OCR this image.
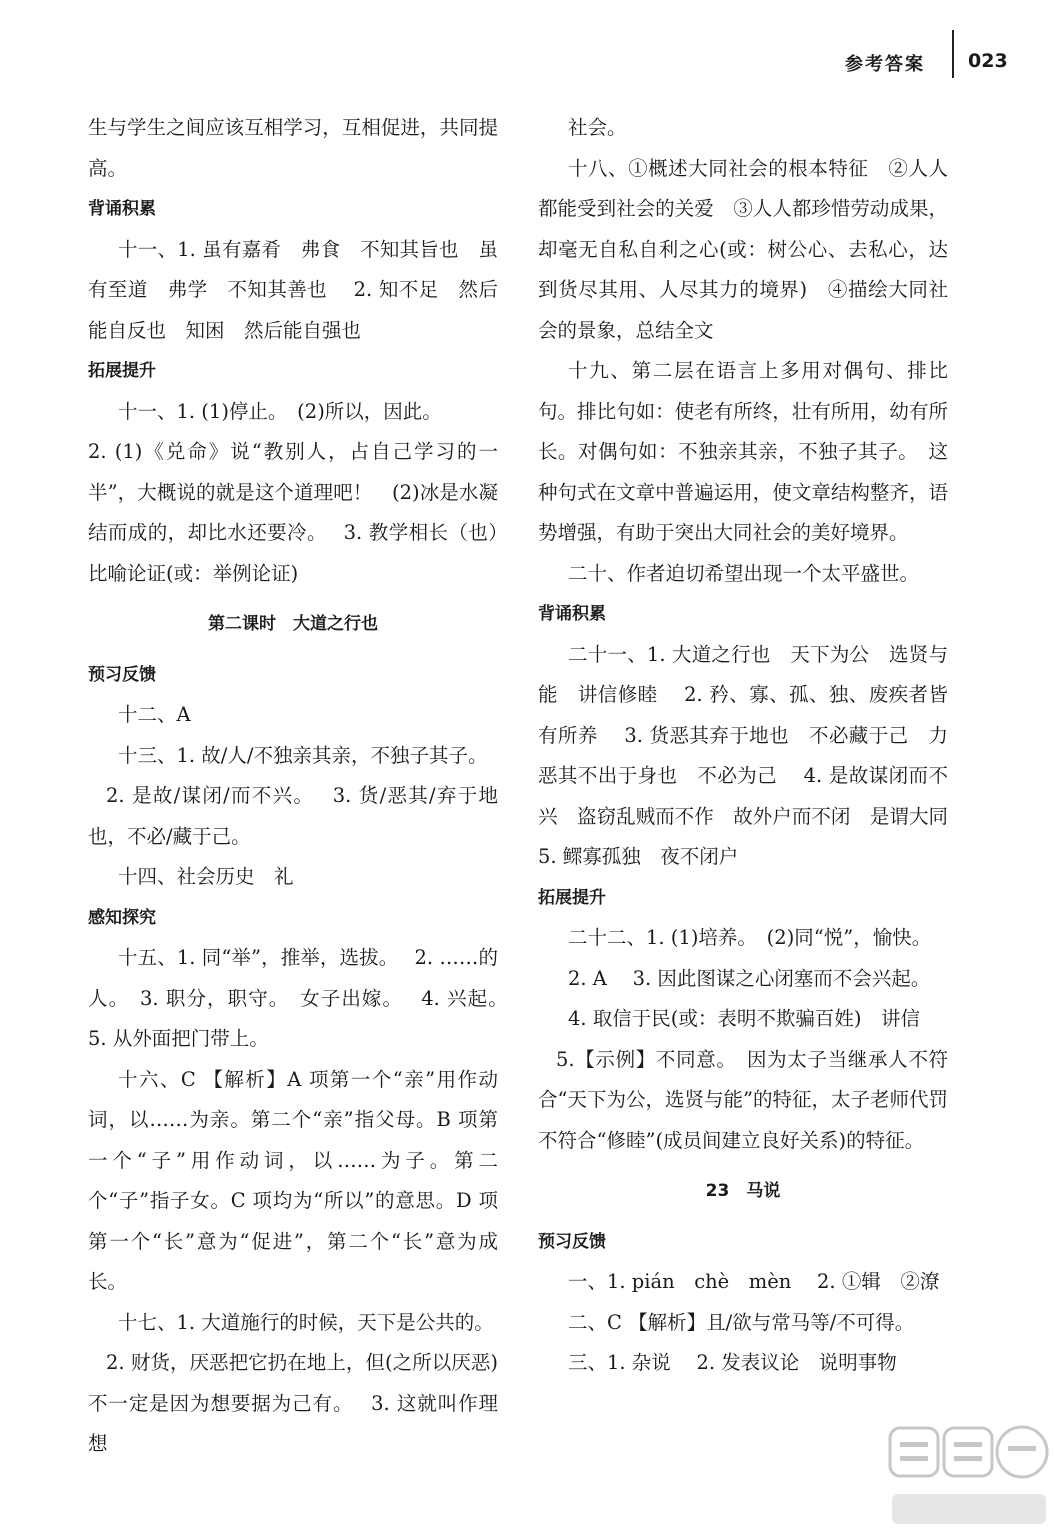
参考答案 023

生与学生之间应该互相学习，互相促进，共同提高。

背诵积累

十一、1. 虽有嘉肴　弗食　不知其旨也　虽有至道　弗学　不知其善也　 2. 知不足　然后能自反也　知困　然后能自强也

拓展提升

十一、1. (1)停止。　(2)所以，因此。

2. (1)《兑命》说“教别人，占自己学习的一半”，大概说的就是这个道理吧！　(2)冰是水凝结而成的，却比水还要冷。　 3. 教学相长（也）　比喻论证(或：举例论证)

第二课时　大道之行也
预习反馈

十二、A

十三、1. 故/人/不独亲其亲，不独子其子。

2. 是故/谋闭/而不兴。　 3. 货/恶其/弃于地也，不必/藏于己。

十四、社会历史　礼

感知探究

十五、1. 同“举”，推举，选拔。　 2. ……的人。　3. 职分，职守。　女子出嫁。　 4. 兴起。　5. 从外面把门带上。

十六、C 【解析】A 项第一个“亲”用作动词，以……为亲。第二个“亲”指父母。B 项第一个“子”用作动词，以……为子。第二个“子”指子女。C 项均为“所以”的意思。D 项第一个“长”意为“促进”，第二个“长”意为成长。

十七、1. 大道施行的时候，天下是公共的。

2. 财货，厌恶把它扔在地上，但(之所以厌恶)不一定是因为想要据为己有。　 3. 这就叫作理想

社会。

十八、①概述大同社会的根本特征　②人人都能受到社会的关爱　③人人都珍惜劳动成果，却毫无自私自利之心(或：树公心、去私心，达到货尽其用、人尽其力的境界)　④描绘大同社会的景象，总结全文

十九、第二层在语言上多用对偶句、排比句。排比句如：使老有所终，壮有所用，幼有所长。对偶句如：不独亲其亲，不独子其子。　这种句式在文章中普遍运用，使文章结构整齐，语势增强，有助于突出大同社会的美好境界。

二十、作者迫切希望出现一个太平盛世。

背诵积累

二十一、1. 大道之行也　天下为公　选贤与能　讲信修睦　 2. 矜、寡、孤、独、废疾者皆有所养　 3. 货恶其弃于地也　不必藏于己　力恶其不出于身也　不必为己　 4. 是故谋闭而不兴　盗窃乱贼而不作　故外户而不闭　是谓大同　5. 鳏寡孤独　夜不闭户

拓展提升

二十二、1. (1)培养。　(2)同“悦”，愉快。

2. A　 3. 因此图谋之心闭塞而不会兴起。

4. 取信于民(或：表明不欺骗百姓)　讲信

5.【示例】不同意。　因为太子当继承人不符合“天下为公，选贤与能”的特征，太子老师代罚不符合“修睦”(成员间建立良好关系)的特征。

23　马说
预习反馈

一、1. pián　chè　mèn　 2. ①辑　②潦

二、C 【解析】且/欲与常马等/不可得。

三、1. 杂说　 2. 发表议论　说明事物
